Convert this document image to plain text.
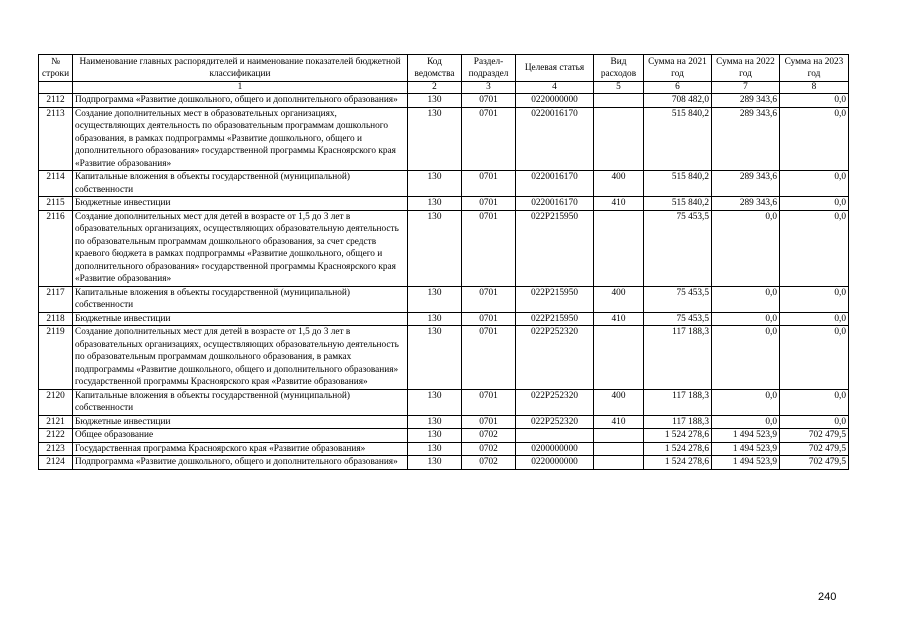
№ строки	Наименование главных распорядителей и наименование показателей бюджетной классификации	Код ведомства	Раздел-подраздел	Целевая статья	Вид расходов	Сумма на 2021 год	Сумма на 2022 год	Сумма на 2023 год
	1	2	3	4	5	6	7	8
2112	Подпрограмма «Развитие дошкольного, общего и дополнительного образования»	130	0701	0220000000		708 482,0	289 343,6	0,0
2113	Создание дополнительных мест в образовательных организациях, осуществляющих деятельность по образовательным программам дошкольного образования, в рамках подпрограммы «Развитие дошкольного, общего и дополнительного образования» государственной программы Красноярского края «Развитие образования»	130	0701	0220016170		515 840,2	289 343,6	0,0
2114	Капитальные вложения в объекты государственной (муниципальной) собственности	130	0701	0220016170	400	515 840,2	289 343,6	0,0
2115	Бюджетные инвестиции	130	0701	0220016170	410	515 840,2	289 343,6	0,0
2116	Создание дополнительных мест для детей в возрасте от 1,5 до 3 лет в образовательных организациях, осуществляющих образовательную деятельность по образовательным программам дошкольного образования, за счет средств краевого бюджета в рамках подпрограммы «Развитие дошкольного, общего и дополнительного образования» государственной программы Красноярского края «Развитие образования»	130	0701	022P215950		75 453,5	0,0	0,0
2117	Капитальные вложения в объекты государственной (муниципальной) собственности	130	0701	022P215950	400	75 453,5	0,0	0,0
2118	Бюджетные инвестиции	130	0701	022P215950	410	75 453,5	0,0	0,0
2119	Создание дополнительных мест для детей в возрасте от 1,5 до 3 лет в образовательных организациях, осуществляющих образовательную деятельность по образовательным программам дошкольного образования, в рамках подпрограммы «Развитие дошкольного, общего и дополнительного образования» государственной программы Красноярского края «Развитие образования»	130	0701	022P252320		117 188,3	0,0	0,0
2120	Капитальные вложения в объекты государственной (муниципальной) собственности	130	0701	022P252320	400	117 188,3	0,0	0,0
2121	Бюджетные инвестиции	130	0701	022P252320	410	117 188,3	0,0	0,0
2122	Общее образование	130	0702			1 524 278,6	1 494 523,9	702 479,5
2123	Государственная программа Красноярского края «Развитие образования»	130	0702	0200000000		1 524 278,6	1 494 523,9	702 479,5
2124	Подпрограмма «Развитие дошкольного, общего и дополнительного образования»	130	0702	0220000000		1 524 278,6	1 494 523,9	702 479,5
240
